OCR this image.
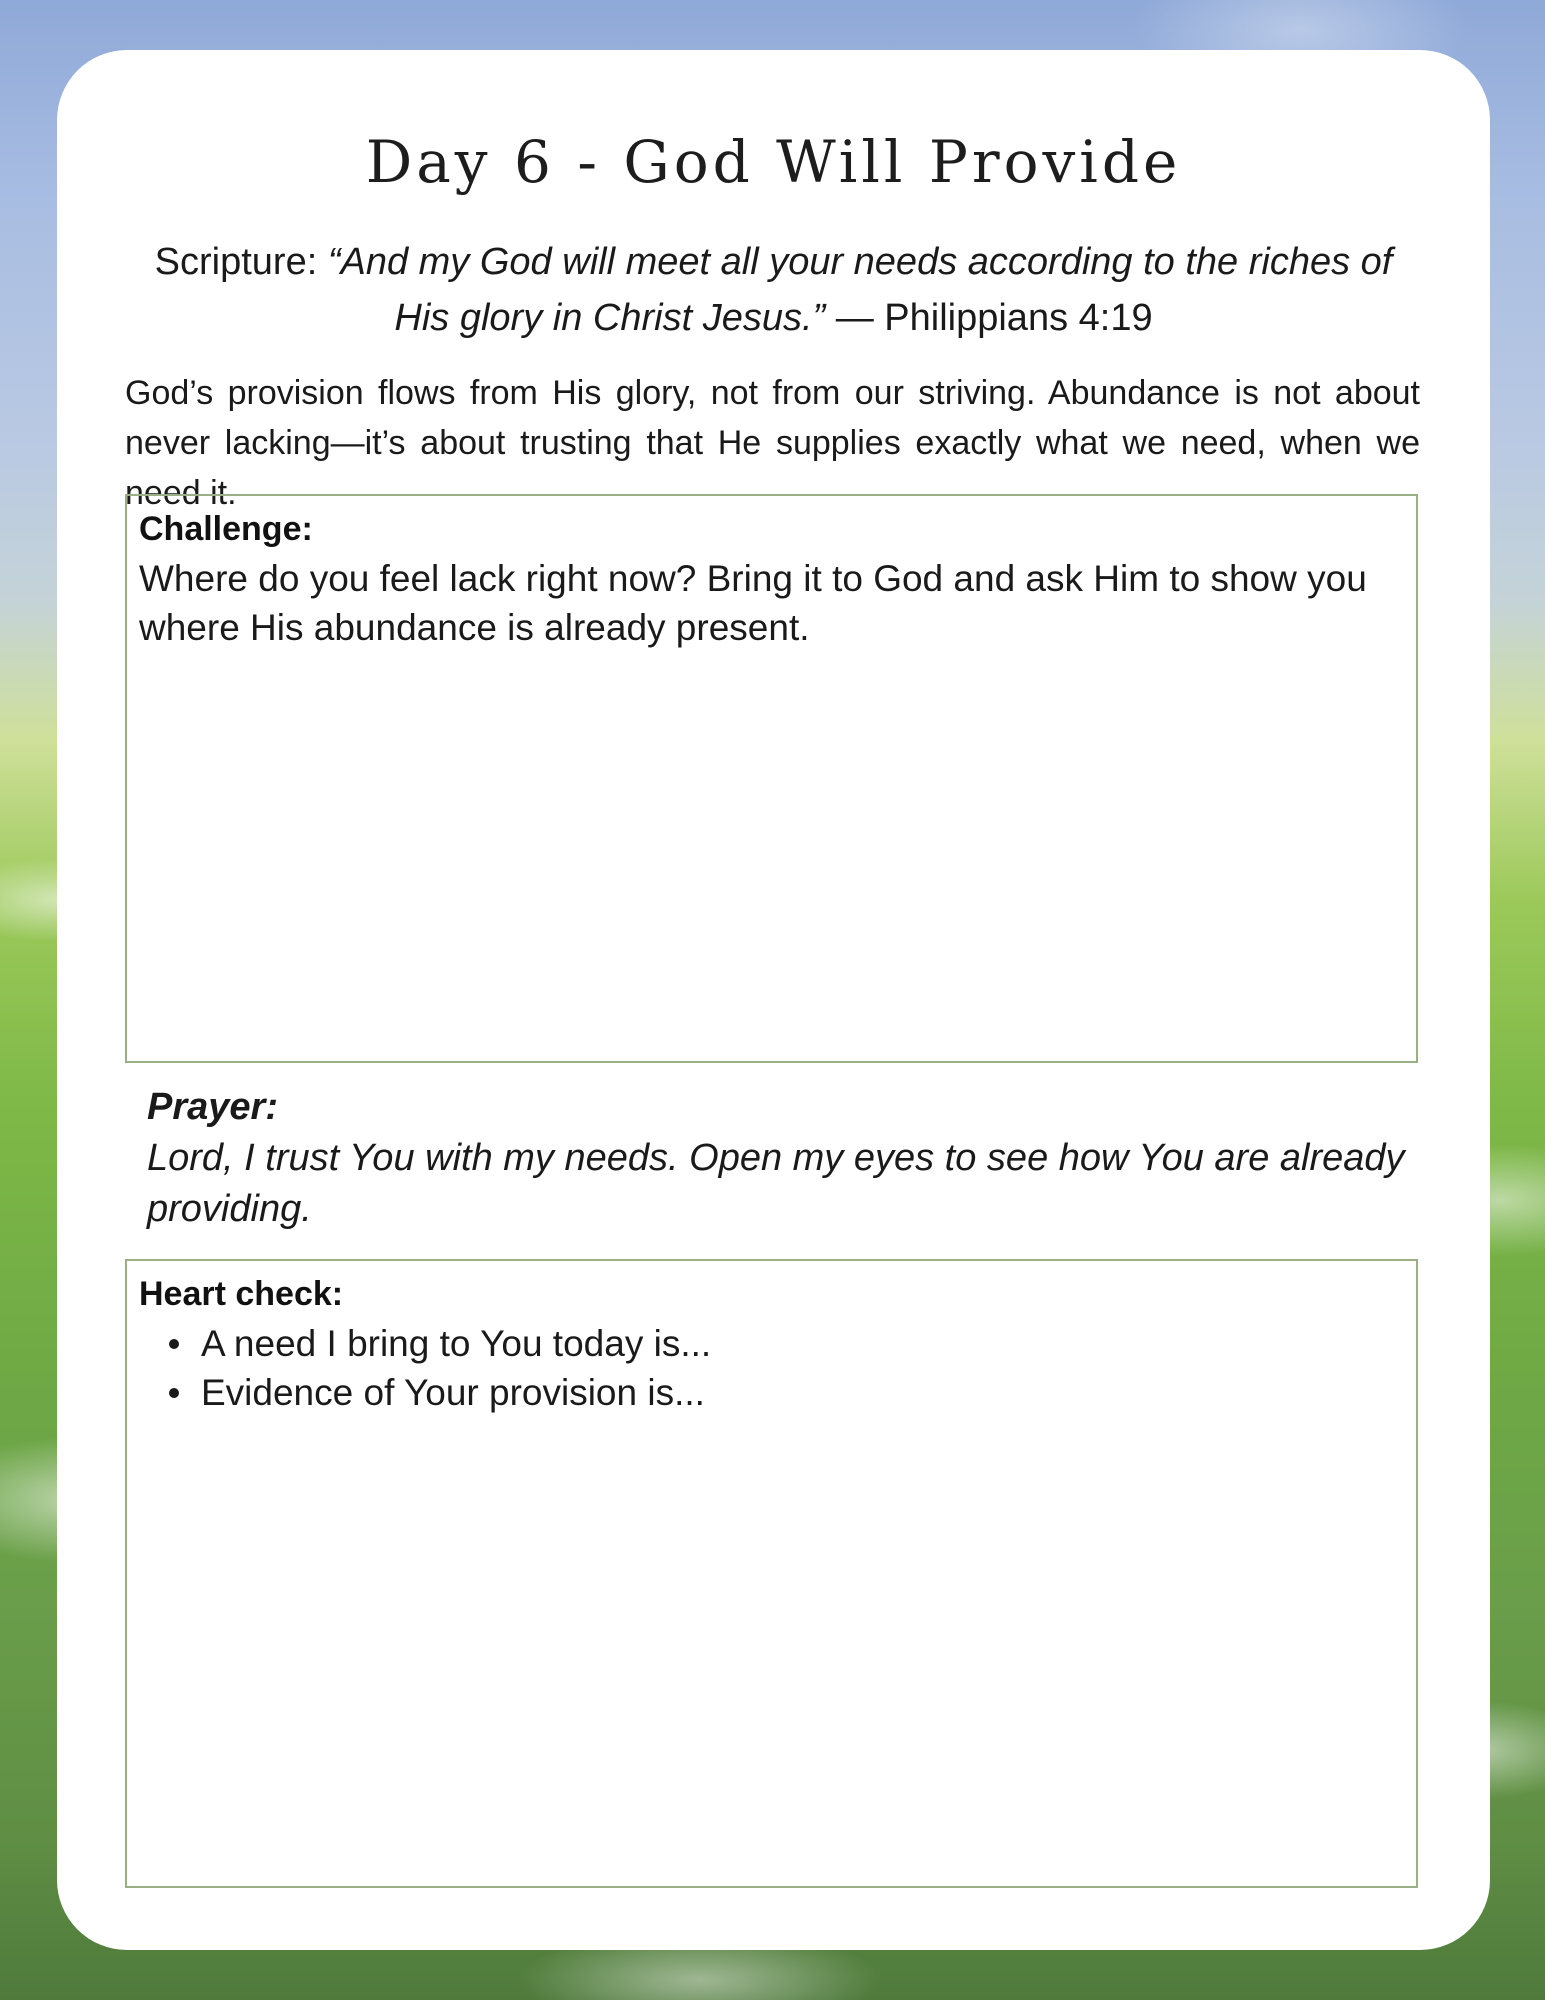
Day 6 - God Will Provide
Scripture: “And my God will meet all your needs according to the riches of His glory in Christ Jesus.” — Philippians 4:19
God’s provision flows from His glory, not from our striving. Abundance is not about never lacking—it’s about trusting that He supplies exactly what we need, when we need it.
Challenge:
Where do you feel lack right now? Bring it to God and ask Him to show you where His abundance is already present.
Prayer:
Lord, I trust You with my needs. Open my eyes to see how You are already providing.
Heart check:
A need I bring to You today is...
Evidence of Your provision is...
